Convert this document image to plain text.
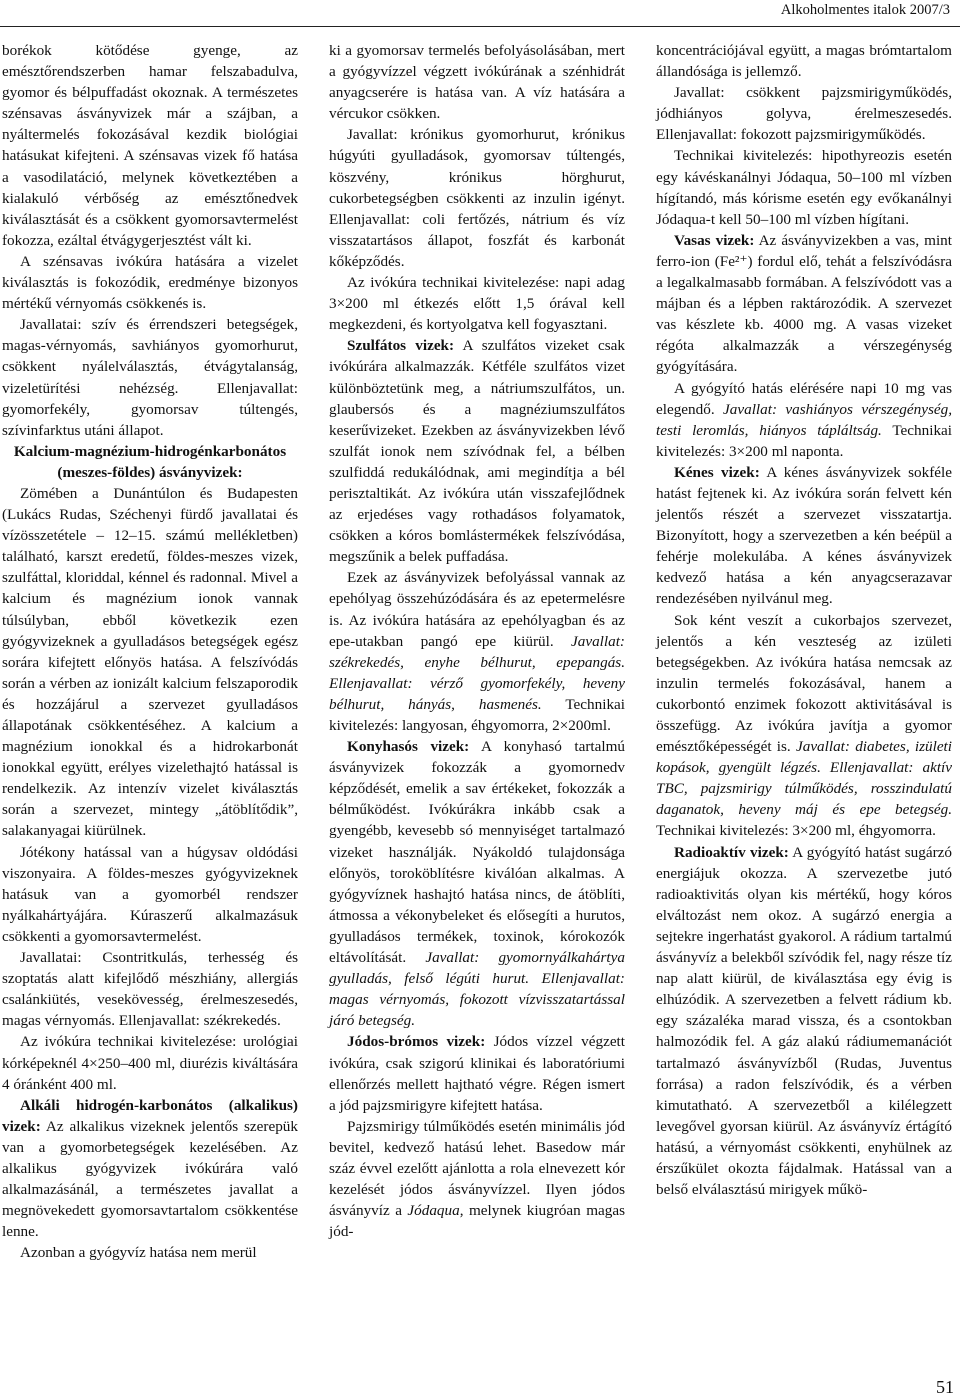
Alkoholmentes italok 2007/3

borékok kötődése gyenge, az emésztőrendszerben hamar felszabadulva, gyomor és bélpuffadást okoznak. A természetes szénsavas ásványvizek már a szájban, a nyáltermelés fokozásával kezdik biológiai hatásukat kifejteni. A szénsavas vizek fő hatása a vasodilatáció, melynek következtében a kialakuló vérbőség az emésztőnedvek kiválasztását és a csökkent gyomorsavtermelést fokozza, ezáltal étvágygerjesztést vált ki.

A szénsavas ivókúra hatására a vizelet kiválasztás is fokozódik, eredménye bizonyos mértékű vérnyomás csökkenés is.

Javallatai: szív és érrendszeri betegségek, magas-vérnyomás, savhiányos gyomorhurut, csökkent nyálelválasztás, étvágytalanság, vizeletürítési nehézség. Ellenjavallat: gyomorfekély, gyomorsav túltengés, szívinfarktus utáni állapot.

Kalcium-magnézium-hidrogénkarbonátos (meszes-földes) ásványvizek:

Zömében a Dunántúlon és Budapesten (Lukács Rudas, Széchenyi fürdő javallatai és vízösszetétele – 12–15. számú mellékletben) található, karszt eredetű, földes-meszes vizek, szulfáttal, kloriddal, kénnel és radonnal. Mivel a kalcium és magnézium ionok vannak túlsúlyban, ebből következik ezen gyógyvizeknek a gyulladásos betegségek egész sorára kifejtett előnyös hatása. A felszívódás során a vérben az ionizált kalcium felszaporodik és hozzájárul a szervezet gyulladásos állapotának csökkentéséhez. A kalcium a magnézium ionokkal és a hidrokarbonát ionokkal együtt, erélyes vizelethajtó hatással is rendelkezik. Az intenzív vizelet kiválasztás során a szervezet, mintegy „átöblítődik”, salakanyagai kiürülnek.

Jótékony hatással van a húgysav oldódási viszonyaira. A földes-meszes gyógyvizeknek hatásuk van a gyomorbél rendszer nyálkahártyájára. Kúraszerű alkalmazásuk csökkenti a gyomorsavtermelést.

Javallatai: Csontritkulás, terhesség és szoptatás alatt kifejlődő mészhiány, allergiás csalánkiütés, vesekövesség, érelmeszesedés, magas vérnyomás. Ellenjavallat: székrekedés.

Az ivókúra technikai kivitelezése: urológiai kórképeknél 4×250–400 ml, diurézis kiváltására 4 óránként 400 ml.

Alkáli hidrogén-karbonátos (alkalikus) vizek: Az alkalikus vizeknek jelentős szerepük van a gyomorbetegségek kezelésében. Az alkalikus gyógyvizek ivókúrára való alkalmazásánál, a természetes javallat a megnövekedett gyomorsavtartalom csökkentése lenne.

Azonban a gyógyvíz hatása nem merül

ki a gyomorsav termelés befolyásolásában, mert a gyógyvízzel végzett ivókúrának a szénhidrát anyagcserére is hatása van. A víz hatására a vércukor csökken.

Javallat: krónikus gyomorhurut, krónikus húgyúti gyulladások, gyomorsav túltengés, köszvény, krónikus hörghurut, cukorbetegségben csökkenti az inzulin igényt. Ellenjavallat: coli fertőzés, nátrium és víz visszatartásos állapot, foszfát és karbonát kőképződés.

Az ivókúra technikai kivitelezése: napi adag 3×200 ml étkezés előtt 1,5 órával kell megkezdeni, és kortyolgatva kell fogyasztani.

Szulfátos vizek: A szulfátos vizeket csak ivókúrára alkalmazzák. Kétféle szulfátos vizet különböztetünk meg, a nátriumszulfátos, un. glaubersós és a magnéziumszulfátos keserűvizeket. Ezekben az ásványvizekben lévő szulfát ionok nem szívódnak fel, a bélben szulfiddá redukálódnak, ami megindítja a bél perisztaltikát. Az ivókúra után visszafejlődnek az erjedéses vagy rothadásos folyamatok, csökken a kóros bomlástermékek felszívódása, megszűnik a belek puffadása.

Ezek az ásványvizek befolyással vannak az epehólyag összehúzódására és az epetermelésre is. Az ivókúra hatására az epehólyagban és az epe-utakban pangó epe kiürül. Javallat: székrekedés, enyhe bélhurut, epepangás. Ellenjavallat: vérző gyomorfekély, heveny bélhurut, hányás, hasmenés. Technikai kivitelezés: langyosan, éhgyomorra, 2×200ml.

Konyhasós vizek: A konyhasó tartalmú ásványvizek fokozzák a gyomornedv képződését, emelik a sav értékeket, fokozzák a bélműködést. Ivókúrákra inkább csak a gyengébb, kevesebb só mennyiséget tartalmazó vizeket használják. Nyákoldó tulajdonsága előnyös, toroköblítésre kiválóan alkalmas. A gyógyvíznek hashajtó hatása nincs, de átöblíti, átmossa a vékonybeleket és elősegíti a hurutos, gyulladásos termékek, toxinok, kórokozók eltávolítását. Javallat: gyomornyálkahártya gyulladás, felső légúti hurut. Ellenjavallat: magas vérnyomás, fokozott vízvisszatartással járó betegség.

Jódos-brómos vizek: Jódos vízzel végzett ivókúra, csak szigorú klinikai és laboratóriumi ellenőrzés mellett hajtható végre. Régen ismert a jód pajzsmirigyre kifejtett hatása.

Pajzsmirigy túlműködés esetén minimális jód bevitel, kedvező hatású lehet. Basedow már száz évvel ezelőtt ajánlotta a rola elnevezett kór kezelését jódos ásványvízzel. Ilyen jódos ásványvíz a Jódaqua, melynek kiugróan magas jód-

koncentrációjával együtt, a magas brómtartalom állandósága is jellemző.

Javallat: csökkent pajzsmirigyműködés, jódhiányos golyva, érelmeszesedés. Ellenjavallat: fokozott pajzsmirigyműködés.

Technikai kivitelezés: hipothyreozis esetén egy kávéskanálnyi Jódaqua, 50–100 ml vízben hígítandó, más kórisme esetén egy evőkanálnyi Jódaqua-t kell 50–100 ml vízben hígítani.

Vasas vizek: Az ásványvizekben a vas, mint ferro-ion (Fe²⁺) fordul elő, tehát a felszívódásra a legalkalmasabb formában. A felszívódott vas a májban és a lépben raktározódik. A szervezet vas készlete kb. 4000 mg. A vasas vizeket régóta alkalmazzák a vérszegénység gyógyítására.

A gyógyító hatás elérésére napi 10 mg vas elegendő. Javallat: vashiányos vérszegénység, testi leromlás, hiányos tápláltság. Technikai kivitelezés: 3×200 ml naponta.

Kénes vizek: A kénes ásványvizek sokféle hatást fejtenek ki. Az ivókúra során felvett kén jelentős részét a szervezet visszatartja. Bizonyított, hogy a szervezetben a kén beépül a fehérje molekulába. A kénes ásványvizek kedvező hatása a kén anyagcserazavar rendezésében nyilvánul meg.

Sok ként veszít a cukorbajos szervezet, jelentős a kén veszteség az izületi betegségekben. Az ivókúra hatása nemcsak az inzulin termelés fokozásával, hanem a cukorbontó enzimek fokozott aktivitásával is összefügg. Az ivókúra javítja a gyomor emésztőképességét is. Javallat: diabetes, izületi kopások, gyengült légzés. Ellenjavallat: aktív TBC, pajzsmirigy túlműködés, rosszindulatú daganatok, heveny máj és epe betegség. Technikai kivitelezés: 3×200 ml, éhgyomorra.

Radioaktív vizek: A gyógyító hatást sugárzó energiájuk okozza. A szervezetbe jutó radioaktivitás olyan kis mértékű, hogy kóros elváltozást nem okoz. A sugárzó energia a sejtekre ingerhatást gyakorol. A rádium tartalmú ásványvíz a belekből szívódik fel, nagy része tíz nap alatt kiürül, de kiválasztása egy évig is elhúzódik. A szervezetben a felvett rádium kb. egy százaléka marad vissza, és a csontokban halmozódik fel. A gáz alakú rádiumemanációt tartalmazó ásványvízből (Rudas, Juventus forrása) a radon felszívódik, és a vérben kimutatható. A szervezetből a kilélegzett levegővel gyorsan kiürül. Az ásványvíz értágító hatású, a vérnyomást csökkenti, enyhülnek az érszűkület okozta fájdalmak. Hatással van a belső elválasztású mirigyek műkö-

51
